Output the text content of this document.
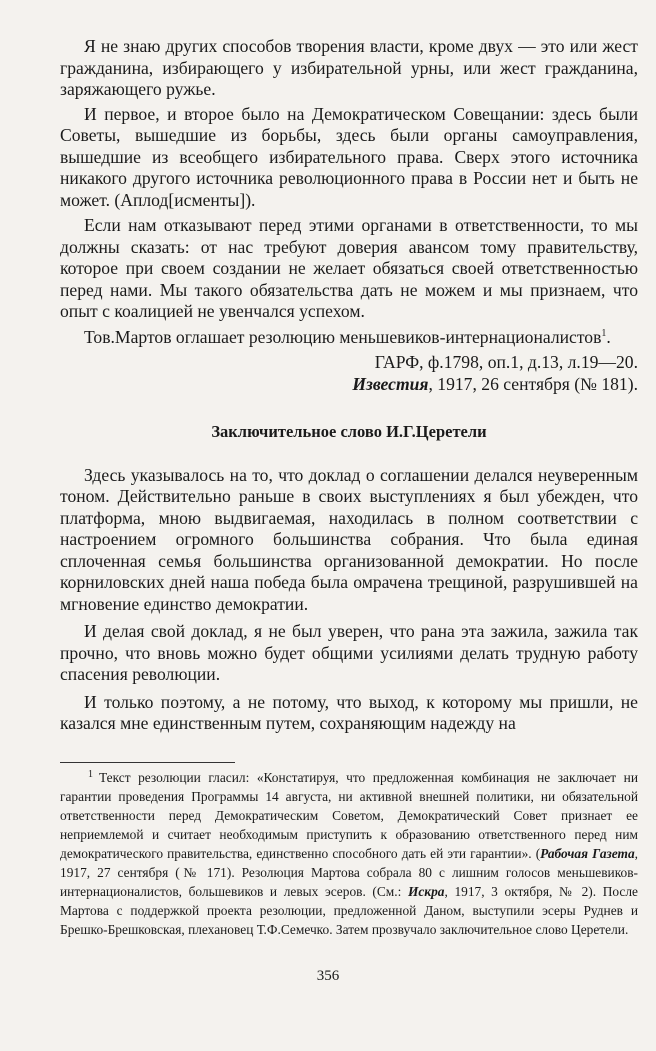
Я не знаю других способов творения власти, кроме двух — это или жест гражданина, избирающего у избирательной урны, или жест гражданина, заряжающего ружье.

И первое, и второе было на Демократическом Совещании: здесь были Советы, вышедшие из борьбы, здесь были органы самоуправления, вышедшие из всеобщего избирательного права. Сверх этого источника никакого другого источника революционного права в России нет и быть не может. (Аплод[исменты]).

Если нам отказывают перед этими органами в ответственности, то мы должны сказать: от нас требуют доверия авансом тому правительству, которое при своем создании не желает обязаться своей ответственностью перед нами. Мы такого обязательства дать не можем и мы признаем, что опыт с коалицией не увенчался успехом.

Тов.Мартов оглашает резолюцию меньшевиков-интернационалистов$^1$.

ГАРФ, ф.1798, оп.1, д.13, л.19—20.

Известия, 1917, 26 сентября (№ 181).

Заключительное слово И.Г.Церетели

Здесь указывалось на то, что доклад о соглашении делался неуверенным тоном. Действительно раньше в своих выступлениях я был убежден, что платформа, мною выдвигаемая, находилась в полном соответствии с настроением огромного большинства собрания. Что была единая сплоченная семья большинства организованной демократии. Но после корниловских дней наша победа была омрачена трещиной, разрушившей на мгновение единство демократии.

И делая свой доклад, я не был уверен, что рана эта зажила, зажила так прочно, что вновь можно будет общими усилиями делать трудную работу спасения революции.

И только поэтому, а не потому, что выход, к которому мы пришли, не казался мне единственным путем, сохраняющим надежду на

$^1$ Текст резолюции гласил: «Констатируя, что предложенная комбинация не заключает ни гарантии проведения Программы 14 августа, ни активной внешней политики, ни обязательной ответственности перед Демократическим Советом, Демократический Совет признает ее неприемлемой и считает необходимым приступить к образованию ответственного перед ним демократического правительства, единственно способного дать ей эти гарантии». (Рабочая Газета, 1917, 27 сентября (№ 171). Резолюция Мартова собрала 80 с лишним голосов меньшевиков-интернационалистов, большевиков и левых эсеров. (См.: Искра, 1917, 3 октября, № 2). После Мартова с поддержкой проекта резолюции, предложенной Даном, выступили эсеры Руднев и Брешко-Брешковская, плехановец Т.Ф.Семечко. Затем прозвучало заключительное слово Церетели.

356
